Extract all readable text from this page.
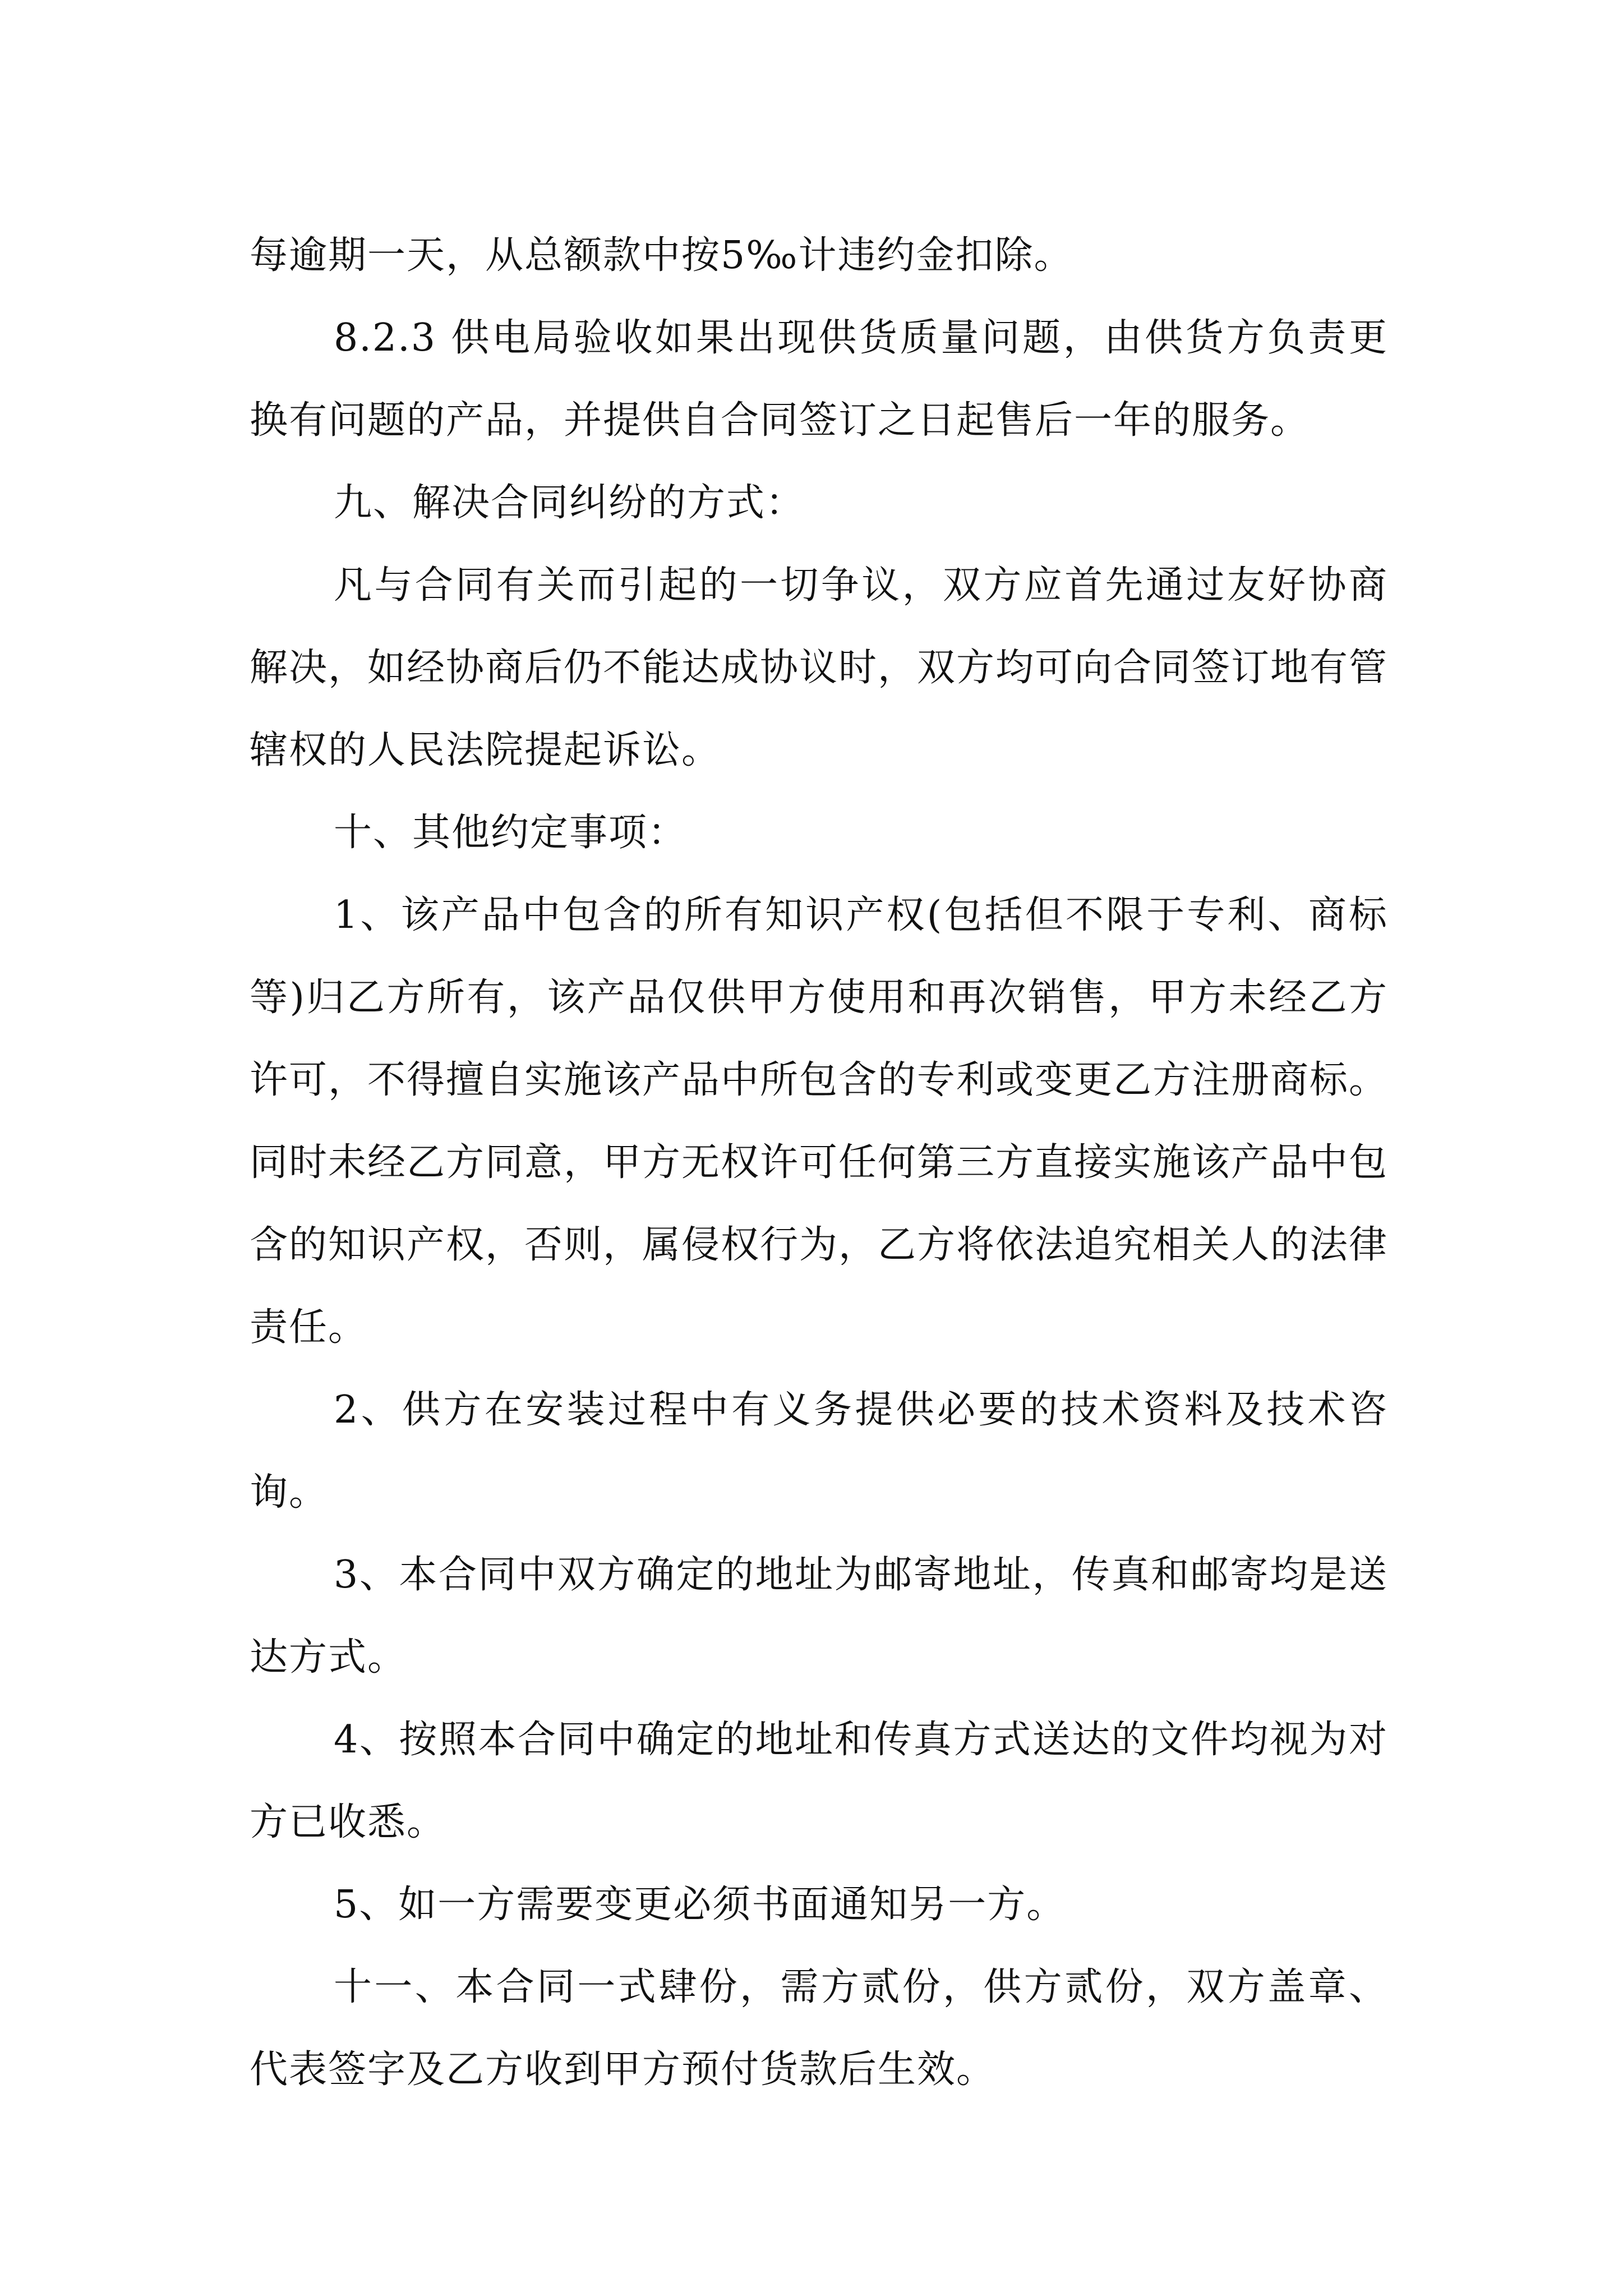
每逾期一天，从总额款中按5‰计违约金扣除。

8.2.3 供电局验收如果出现供货质量问题，由供货方负责更换有问题的产品，并提供自合同签订之日起售后一年的服务。

九、解决合同纠纷的方式：

凡与合同有关而引起的一切争议，双方应首先通过友好协商解决，如经协商后仍不能达成协议时，双方均可向合同签订地有管辖权的人民法院提起诉讼。

十、其他约定事项：

1、该产品中包含的所有知识产权(包括但不限于专利、商标等)归乙方所有，该产品仅供甲方使用和再次销售，甲方未经乙方许可，不得擅自实施该产品中所包含的专利或变更乙方注册商标。同时未经乙方同意，甲方无权许可任何第三方直接实施该产品中包含的知识产权，否则，属侵权行为，乙方将依法追究相关人的法律责任。

2、供方在安装过程中有义务提供必要的技术资料及技术咨询。

3、本合同中双方确定的地址为邮寄地址，传真和邮寄均是送达方式。

4、按照本合同中确定的地址和传真方式送达的文件均视为对方已收悉。

5、如一方需要变更必须书面通知另一方。

十一、本合同一式肆份，需方贰份，供方贰份，双方盖章、代表签字及乙方收到甲方预付货款后生效。
